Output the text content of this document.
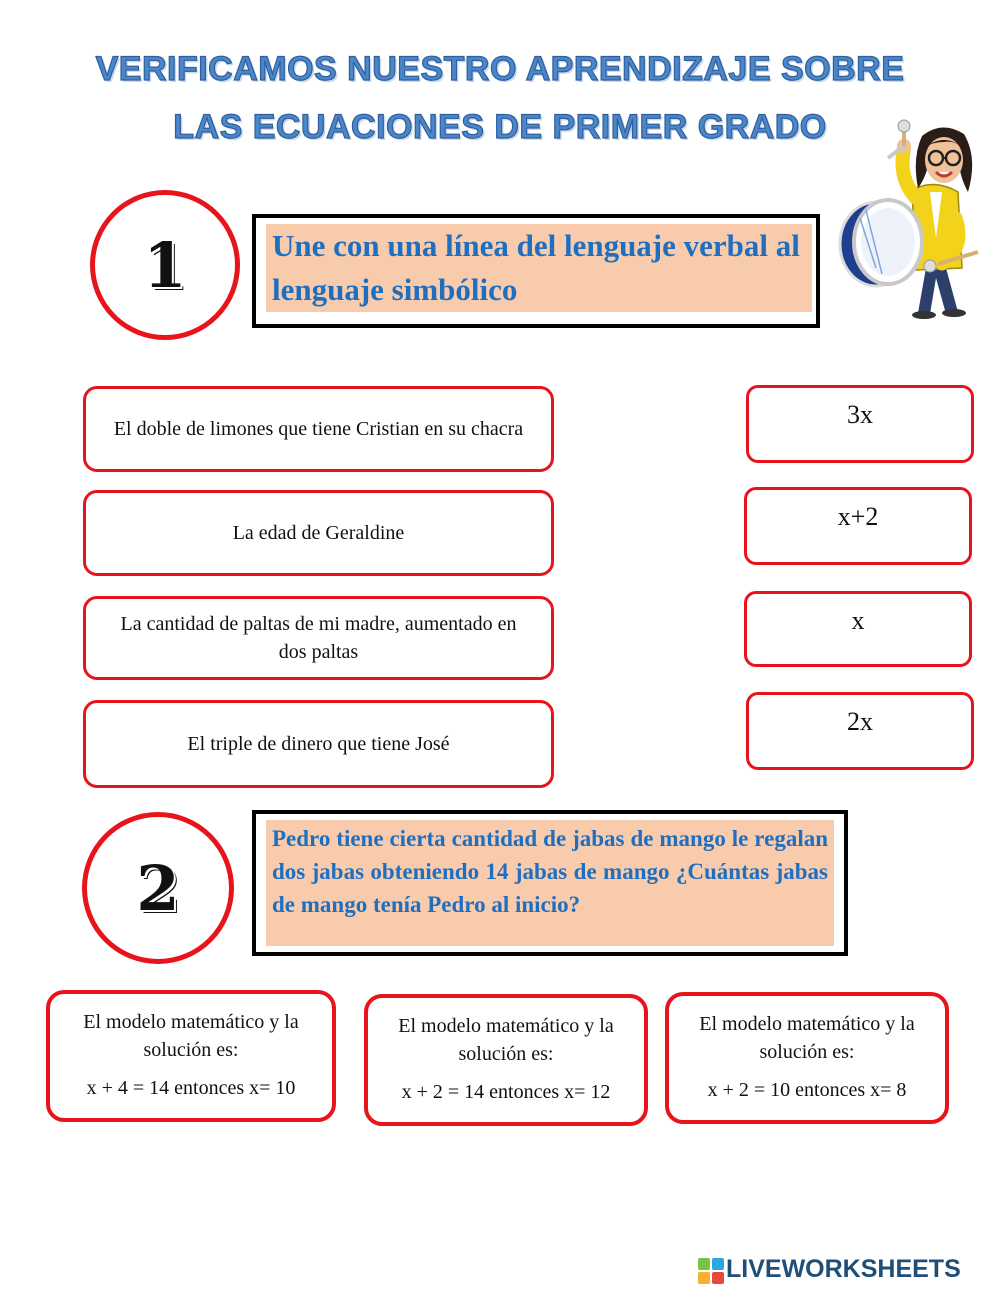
VERIFICAMOS NUESTRO APRENDIZAJE SOBRE
LAS ECUACIONES DE PRIMER GRADO
1	Une con una línea del lenguaje verbal al lenguaje simbólico
El doble de limones que tiene Cristian en su chacra
La edad de Geraldine
La cantidad de paltas de mi madre, aumentado en dos paltas
El triple de dinero que tiene José
3x
x+2
x
2x
2
Pedro tiene cierta cantidad de jabas de mango le regalan dos jabas obteniendo 14 jabas de mango ¿Cuántas jabas de mango tenía Pedro al inicio?
El modelo matemático y la solución es:
x + 4 = 14 entonces x= 10
El modelo matemático y la solución es:
x + 2 = 14 entonces x= 12
El modelo matemático y la solución es:
x + 2 = 10 entonces x= 8
LIVEWORKSHEETS
